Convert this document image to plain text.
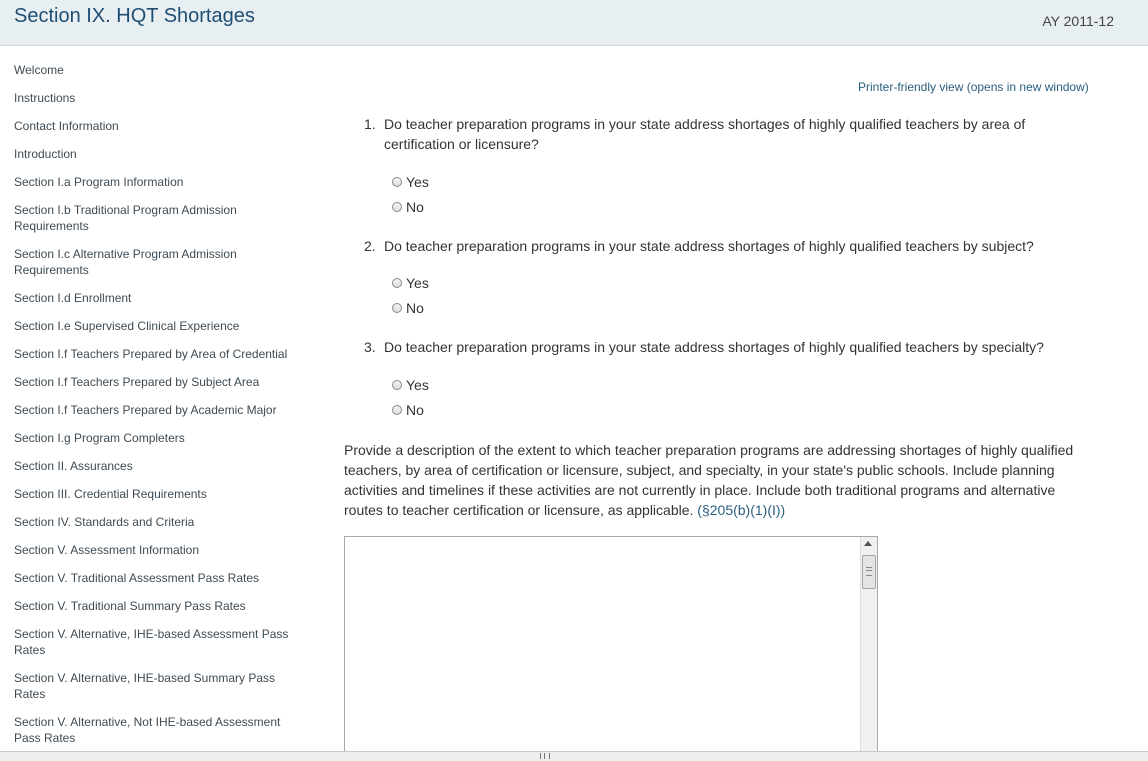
Section IX. HQT Shortages	AY 2011-12
Welcome
Instructions
Contact Information
Introduction
Section I.a Program Information
Section I.b Traditional Program Admission Requirements
Section I.c Alternative Program Admission Requirements
Section I.d Enrollment
Section I.e Supervised Clinical Experience
Section I.f Teachers Prepared by Area of Credential
Section I.f Teachers Prepared by Subject Area
Section I.f Teachers Prepared by Academic Major
Section I.g Program Completers
Section II. Assurances
Section III. Credential Requirements
Section IV. Standards and Criteria
Section V. Assessment Information
Section V. Traditional Assessment Pass Rates
Section V. Traditional Summary Pass Rates
Section V. Alternative, IHE-based Assessment Pass Rates
Section V. Alternative, IHE-based Summary Pass Rates
Section V. Alternative, Not IHE-based Assessment Pass Rates
Printer-friendly view (opens in new window)
1. Do teacher preparation programs in your state address shortages of highly qualified teachers by area of certification or licensure?
Yes
No
2. Do teacher preparation programs in your state address shortages of highly qualified teachers by subject?
Yes
No
3. Do teacher preparation programs in your state address shortages of highly qualified teachers by specialty?
Yes
No
Provide a description of the extent to which teacher preparation programs are addressing shortages of highly qualified teachers, by area of certification or licensure, subject, and specialty, in your state's public schools. Include planning activities and timelines if these activities are not currently in place. Include both traditional programs and alternative routes to teacher certification or licensure, as applicable. (§205(b)(1)(I))
